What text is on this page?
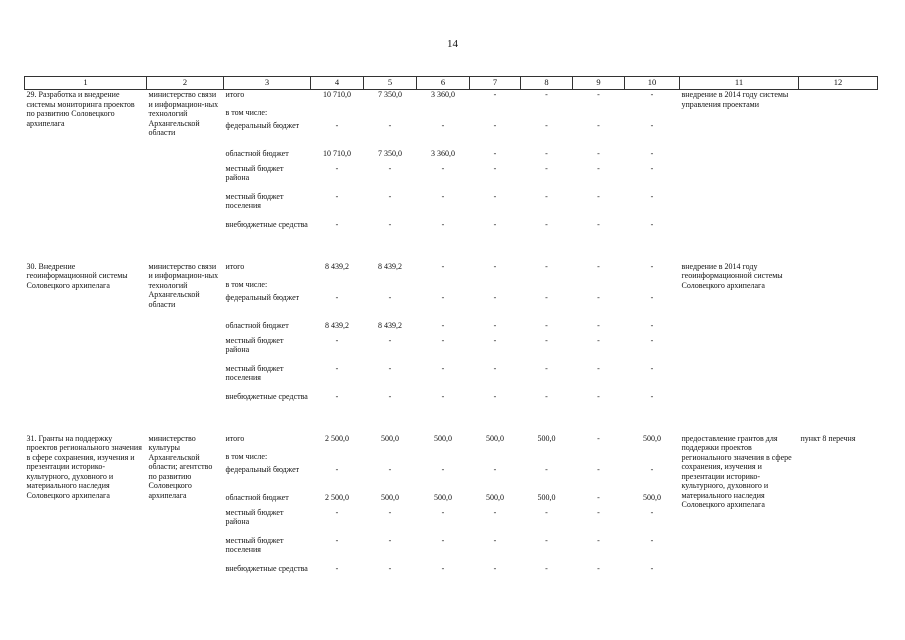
14
1	2	3	4	5	6	7	8	9	10	11	12
29. Разработка и внедрение системы мониторинга проектов по развитию Соловецкого архипелага	министерство связи и информацион-ных технологий Архангельской области	итого	10 710,0	7 350,0	3 360,0	-	-	-	-	внедрение в 2014 году системы управления проектами	
		в том числе:									
		федеральный бюджет	-	-	-	-	-	-	-		
		областной бюджет	10 710,0	7 350,0	3 360,0	-	-	-	-		
		местный бюджет района	-	-	-	-	-	-	-		
		местный бюджет поселения	-	-	-	-	-	-	-		
		внебюджетные средства	-	-	-	-	-	-	-		

30. Внедрение геоинформационной системы Соловецкого архипелага	министерство связи и информацион-ных технологий Архангельской области	итого	8 439,2	8 439,2	-	-	-	-	-	внедрение в 2014 году геоинформационной системы Соловецкого архипелага	
		в том числе:									
		федеральный бюджет	-	-	-	-	-	-	-		
		областной бюджет	8 439,2	8 439,2	-	-	-	-	-		
		местный бюджет района	-	-	-	-	-	-	-		
		местный бюджет поселения	-	-	-	-	-	-	-		
		внебюджетные средства	-	-	-	-	-	-	-		

31. Гранты на поддержку проектов регионального значения в сфере сохранения, изучения и презентации историко-культурного, духовного и материального наследия Соловецкого архипелага	министерство культуры Архангельской области; агентство по развитию Соловецкого архипелага	итого	2 500,0	500,0	500,0	500,0	500,0	-	500,0	предоставление грантов для поддержки проектов регионального значения в сфере сохранения, изучения и презентации историко-культурного, духовного и материального наследия Соловецкого архипелага	пункт 8 перечня
		в том числе:									
		федеральный бюджет	-	-	-	-	-	-	-		
		областной бюджет	2 500,0	500,0	500,0	500,0	500,0	-	500,0		
		местный бюджет района	-	-	-	-	-	-	-		
		местный бюджет поселения	-	-	-	-	-	-	-		
		внебюджетные средства	-	-	-	-	-	-	-		
